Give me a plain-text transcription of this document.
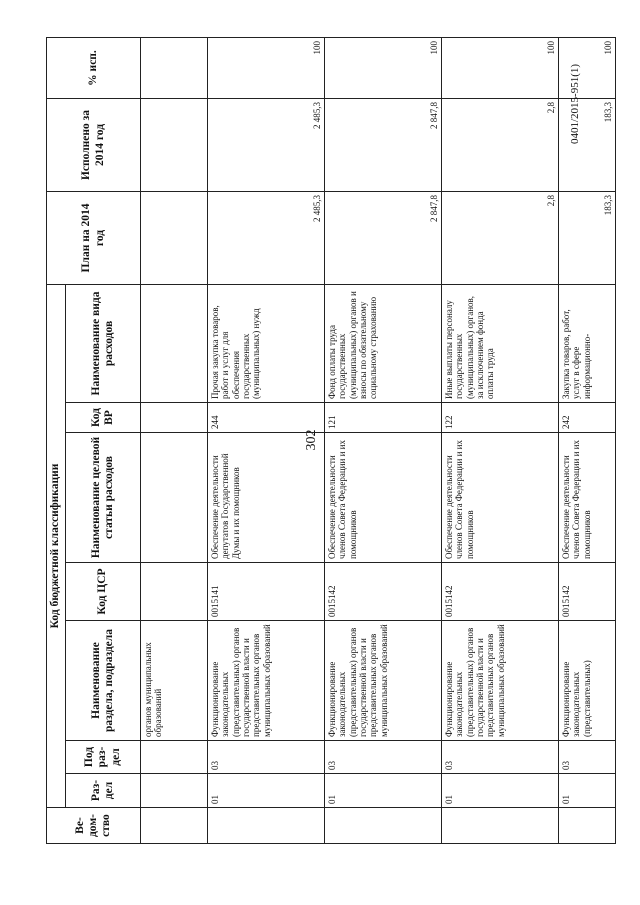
302
Ве-дом-ство	Код бюджетной классификации							План на 2014 год	Исполнено за 2014 год	% исп.
	Раз-дел	Под раз-дел	Наименование раздела, подраздела	Код ЦСР	Наименование целевой статьи расходов	Код ВР	Наименование вида расходов			
			органов муниципальных образований							
	01	03	Функционирование законодательных (представительных) органов государственной власти и представительных органов муниципальных образований	0015141	Обеспечение деятельности депутатов Государственной Думы и их помощников	244	Прочая закупка товаров, работ и услуг для обеспечения государственных (муниципальных) нужд	2 485,3	2 485,3	100
	01	03	Функционирование законодательных (представительных) органов государственной власти и представительных органов муниципальных образований	0015142	Обеспечение деятельности членов Совета Федерации и их помощников	121	Фонд оплаты труда государственных (муниципальных) органов и взносы по обязательному социальному страхованию	2 847,8	2 847,8	100
	01	03	Функционирование законодательных (представительных) органов государственной власти и представительных органов муниципальных образований	0015142	Обеспечение деятельности членов Совета Федерации и их помощников	122	Иные выплаты персоналу государственных (муниципальных) органов, за исключением фонда оплаты труда	2,8	2,8	100
	01	03	Функционирование законодательных (представительных)	0015142	Обеспечение деятельности членов Совета Федерации и их помощников	242	Закупка товаров, работ, услуг в сфере информационно-	183,3	183,3	100
0401/2015-951(1)
